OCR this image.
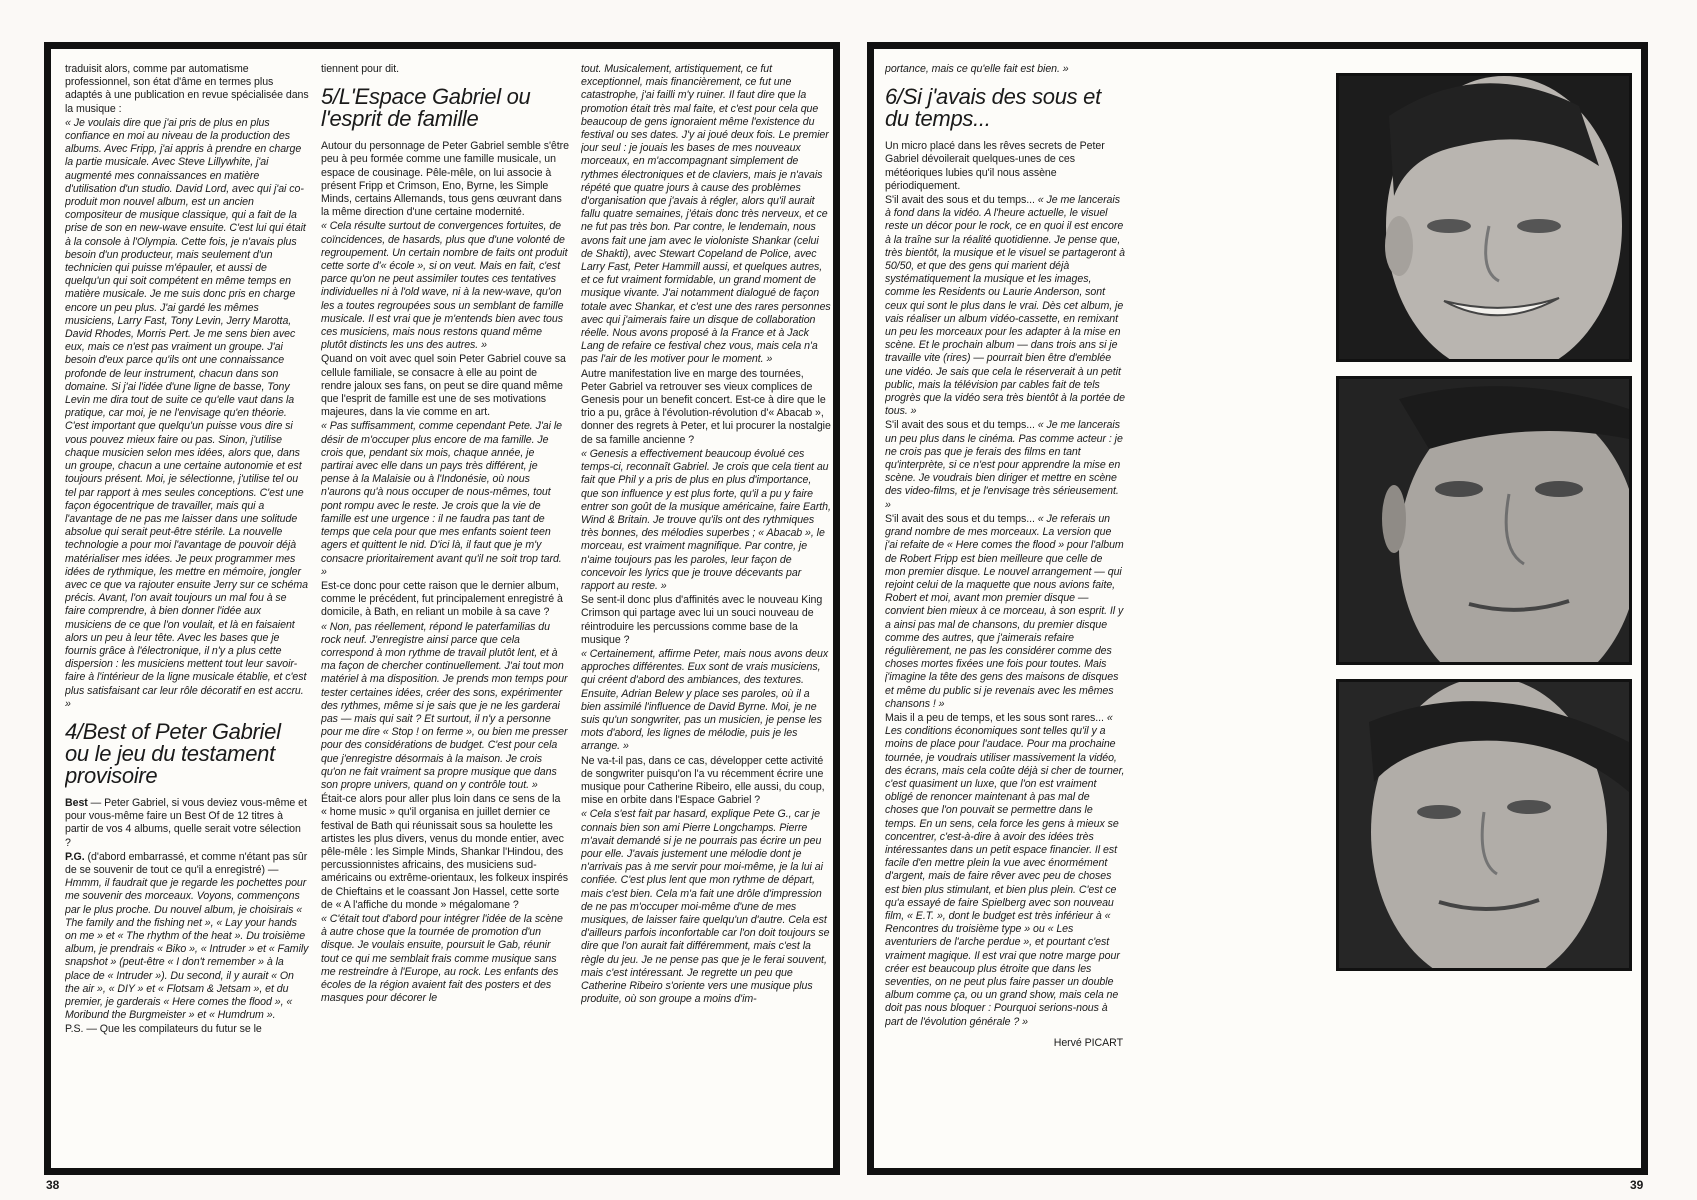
traduisit alors, comme par automatisme professionnel, son état d'âme en termes plus adaptés à une publication en revue spécialisée dans la musique :

« Je voulais dire que j'ai pris de plus en plus confiance en moi au niveau de la production des albums. Avec Fripp, j'ai appris à prendre en charge la partie musicale. Avec Steve Lillywhite, j'ai augmenté mes connaissances en matière d'utilisation d'un studio. David Lord, avec qui j'ai co-produit mon nouvel album, est un ancien compositeur de musique classique, qui a fait de la prise de son en new-wave ensuite. C'est lui qui était à la console à l'Olympia. Cette fois, je n'avais plus besoin d'un producteur, mais seulement d'un technicien qui puisse m'épauler, et aussi de quelqu'un qui soit compétent en même temps en matière musicale. Je me suis donc pris en charge encore un peu plus. J'ai gardé les mêmes musiciens, Larry Fast, Tony Levin, Jerry Marotta, David Rhodes, Morris Pert. Je me sens bien avec eux, mais ce n'est pas vraiment un groupe. J'ai besoin d'eux parce qu'ils ont une connaissance profonde de leur instrument, chacun dans son domaine. Si j'ai l'idée d'une ligne de basse, Tony Levin me dira tout de suite ce qu'elle vaut dans la pratique, car moi, je ne l'envisage qu'en théorie. C'est important que quelqu'un puisse vous dire si vous pouvez mieux faire ou pas. Sinon, j'utilise chaque musicien selon mes idées, alors que, dans un groupe, chacun a une certaine autonomie et est toujours présent. Moi, je sélectionne, j'utilise tel ou tel par rapport à mes seules conceptions. C'est une façon égocentrique de travailler, mais qui a l'avantage de ne pas me laisser dans une solitude absolue qui serait peut-être stérile. La nouvelle technologie a pour moi l'avantage de pouvoir déjà matérialiser mes idées. Je peux programmer mes idées de rythmique, les mettre en mémoire, jongler avec ce que va rajouter ensuite Jerry sur ce schéma précis. Avant, l'on avait toujours un mal fou à se faire comprendre, à bien donner l'idée aux musiciens de ce que l'on voulait, et là en faisaient alors un peu à leur tête. Avec les bases que je fournis grâce à l'électronique, il n'y a plus cette dispersion : les musiciens mettent tout leur savoir-faire à l'intérieur de la ligne musicale établie, et c'est plus satisfaisant car leur rôle décoratif en est accru. »

4/Best of Peter Gabriel ou le jeu du testament provisoire

Best — Peter Gabriel, si vous deviez vous-même et pour vous-même faire un Best Of de 12 titres à partir de vos 4 albums, quelle serait votre sélection ?

P.G. (d'abord embarrassé, et comme n'étant pas sûr de se souvenir de tout ce qu'il a enregistré) — Hmmm, il faudrait que je regarde les pochettes pour me souvenir des morceaux. Voyons, commençons par le plus proche. Du nouvel album, je choisirais « The family and the fishing net », « Lay your hands on me » et « The rhythm of the heat ». Du troisième album, je prendrais « Biko », « Intruder » et « Family snapshot » (peut-être « I don't remember » à la place de « Intruder »). Du second, il y aurait « On the air », « DIY » et « Flotsam & Jetsam », et du premier, je garderais « Here comes the flood », « Moribund the Burgmeister » et « Humdrum ».

P.S. — Que les compilateurs du futur se le

tiennent pour dit.

5/L'Espace Gabriel ou l'esprit de famille

Autour du personnage de Peter Gabriel semble s'être peu à peu formée comme une famille musicale, un espace de cousinage. Pêle-mêle, on lui associe à présent Fripp et Crimson, Eno, Byrne, les Simple Minds, certains Allemands, tous gens œuvrant dans la même direction d'une certaine modernité.

« Cela résulte surtout de convergences fortuites, de coïncidences, de hasards, plus que d'une volonté de regroupement. Un certain nombre de faits ont produit cette sorte d'« école », si on veut. Mais en fait, c'est parce qu'on ne peut assimiler toutes ces tentatives individuelles ni à l'old wave, ni à la new-wave, qu'on les a toutes regroupées sous un semblant de famille musicale. Il est vrai que je m'entends bien avec tous ces musiciens, mais nous restons quand même plutôt distincts les uns des autres. »

Quand on voit avec quel soin Peter Gabriel couve sa cellule familiale, se consacre à elle au point de rendre jaloux ses fans, on peut se dire quand même que l'esprit de famille est une de ses motivations majeures, dans la vie comme en art.

« Pas suffisamment, comme cependant Pete. J'ai le désir de m'occuper plus encore de ma famille. Je crois que, pendant six mois, chaque année, je partirai avec elle dans un pays très différent, je pense à la Malaisie ou à l'Indonésie, où nous n'aurons qu'à nous occuper de nous-mêmes, tout pont rompu avec le reste. Je crois que la vie de famille est une urgence : il ne faudra pas tant de temps que cela pour que mes enfants soient teen agers et quittent le nid. D'ici là, il faut que je m'y consacre prioritairement avant qu'il ne soit trop tard. »

Est-ce donc pour cette raison que le dernier album, comme le précédent, fut principalement enregistré à domicile, à Bath, en reliant un mobile à sa cave ?

« Non, pas réellement, répond le paterfamilias du rock neuf. J'enregistre ainsi parce que cela correspond à mon rythme de travail plutôt lent, et à ma façon de chercher continuellement. J'ai tout mon matériel à ma disposition. Je prends mon temps pour tester certaines idées, créer des sons, expérimenter des rythmes, même si je sais que je ne les garderai pas — mais qui sait ? Et surtout, il n'y a personne pour me dire « Stop ! on ferme », ou bien me presser pour des considérations de budget. C'est pour cela que j'enregistre désormais à la maison. Je crois qu'on ne fait vraiment sa propre musique que dans son propre univers, quand on y contrôle tout. »

Était-ce alors pour aller plus loin dans ce sens de la « home music » qu'il organisa en juillet dernier ce festival de Bath qui réunissait sous sa houlette les artistes les plus divers, venus du monde entier, avec pêle-mêle : les Simple Minds, Shankar l'Hindou, des percussionnistes africains, des musiciens sud-américains ou extrême-orientaux, les folkeux inspirés de Chieftains et le coassant Jon Hassel, cette sorte de « A l'affiche du monde » mégalomane ?

« C'était tout d'abord pour intégrer l'idée de la scène à autre chose que la tournée de promotion d'un disque. Je voulais ensuite, poursuit le Gab, réunir tout ce qui me semblait frais comme musique sans me restreindre à l'Europe, au rock. Les enfants des écoles de la région avaient fait des posters et des masques pour décorer le

tout. Musicalement, artistiquement, ce fut exceptionnel, mais financièrement, ce fut une catastrophe, j'ai failli m'y ruiner. Il faut dire que la promotion était très mal faite, et c'est pour cela que beaucoup de gens ignoraient même l'existence du festival ou ses dates. J'y ai joué deux fois. Le premier jour seul : je jouais les bases de mes nouveaux morceaux, en m'accompagnant simplement de rythmes électroniques et de claviers, mais je n'avais répété que quatre jours à cause des problèmes d'organisation que j'avais à régler, alors qu'il aurait fallu quatre semaines, j'étais donc très nerveux, et ce ne fut pas très bon. Par contre, le lendemain, nous avons fait une jam avec le violoniste Shankar (celui de Shakti), avec Stewart Copeland de Police, avec Larry Fast, Peter Hammill aussi, et quelques autres, et ce fut vraiment formidable, un grand moment de musique vivante. J'ai notamment dialogué de façon totale avec Shankar, et c'est une des rares personnes avec qui j'aimerais faire un disque de collaboration réelle. Nous avons proposé à la France et à Jack Lang de refaire ce festival chez vous, mais cela n'a pas l'air de les motiver pour le moment. »

Autre manifestation live en marge des tournées, Peter Gabriel va retrouver ses vieux complices de Genesis pour un benefit concert. Est-ce à dire que le trio a pu, grâce à l'évolution-révolution d'« Abacab », donner des regrets à Peter, et lui procurer la nostalgie de sa famille ancienne ?

« Genesis a effectivement beaucoup évolué ces temps-ci, reconnaît Gabriel. Je crois que cela tient au fait que Phil y a pris de plus en plus d'importance, que son influence y est plus forte, qu'il a pu y faire entrer son goût de la musique américaine, faire Earth, Wind & Britain. Je trouve qu'ils ont des rythmiques très bonnes, des mélodies superbes ; « Abacab », le morceau, est vraiment magnifique. Par contre, je n'aime toujours pas les paroles, leur façon de concevoir les lyrics que je trouve décevants par rapport au reste. »

Se sent-il donc plus d'affinités avec le nouveau King Crimson qui partage avec lui un souci nouveau de réintroduire les percussions comme base de la musique ?

« Certainement, affirme Peter, mais nous avons deux approches différentes. Eux sont de vrais musiciens, qui créent d'abord des ambiances, des textures. Ensuite, Adrian Belew y place ses paroles, où il a bien assimilé l'influence de David Byrne. Moi, je ne suis qu'un songwriter, pas un musicien, je pense les mots d'abord, les lignes de mélodie, puis je les arrange. »

Ne va-t-il pas, dans ce cas, développer cette activité de songwriter puisqu'on l'a vu récemment écrire une musique pour Catherine Ribeiro, elle aussi, du coup, mise en orbite dans l'Espace Gabriel ?

« Cela s'est fait par hasard, explique Pete G., car je connais bien son ami Pierre Longchamps. Pierre m'avait demandé si je ne pourrais pas écrire un peu pour elle. J'avais justement une mélodie dont je n'arrivais pas à me servir pour moi-même, je la lui ai confiée. C'est plus lent que mon rythme de départ, mais c'est bien. Cela m'a fait une drôle d'impression de ne pas m'occuper moi-même d'une de mes musiques, de laisser faire quelqu'un d'autre. Cela est d'ailleurs parfois inconfortable car l'on doit toujours se dire que l'on aurait fait différemment, mais c'est la règle du jeu. Je ne pense pas que je le ferai souvent, mais c'est intéressant. Je regrette un peu que Catherine Ribeiro s'oriente vers une musique plus produite, où son groupe a moins d'im-

portance, mais ce qu'elle fait est bien. »

6/Si j'avais des sous et du temps...

Un micro placé dans les rêves secrets de Peter Gabriel dévoilerait quelques-unes de ces météoriques lubies qu'il nous assène périodiquement.

S'il avait des sous et du temps... « Je me lancerais à fond dans la vidéo. A l'heure actuelle, le visuel reste un décor pour le rock, ce en quoi il est encore à la traîne sur la réalité quotidienne. Je pense que, très bientôt, la musique et le visuel se partageront à 50/50, et que des gens qui marient déjà systématiquement la musique et les images, comme les Residents ou Laurie Anderson, sont ceux qui sont le plus dans le vrai. Dès cet album, je vais réaliser un album vidéo-cassette, en remixant un peu les morceaux pour les adapter à la mise en scène. Et le prochain album — dans trois ans si je travaille vite (rires) — pourrait bien être d'emblée une vidéo. Je sais que cela le réserverait à un petit public, mais la télévision par cables fait de tels progrès que la vidéo sera très bientôt à la portée de tous. »

S'il avait des sous et du temps... « Je me lancerais un peu plus dans le cinéma. Pas comme acteur : je ne crois pas que je ferais des films en tant qu'interprète, si ce n'est pour apprendre la mise en scène. Je voudrais bien diriger et mettre en scène des video-films, et je l'envisage très sérieusement. »

S'il avait des sous et du temps... « Je referais un grand nombre de mes morceaux. La version que j'ai refaite de « Here comes the flood » pour l'album de Robert Fripp est bien meilleure que celle de mon premier disque. Le nouvel arrangement — qui rejoint celui de la maquette que nous avions faite, Robert et moi, avant mon premier disque — convient bien mieux à ce morceau, à son esprit. Il y a ainsi pas mal de chansons, du premier disque comme des autres, que j'aimerais refaire régulièrement, ne pas les considérer comme des choses mortes fixées une fois pour toutes. Mais j'imagine la tête des gens des maisons de disques et même du public si je revenais avec les mêmes chansons ! »

Mais il a peu de temps, et les sous sont rares... « Les conditions économiques sont telles qu'il y a moins de place pour l'audace. Pour ma prochaine tournée, je voudrais utiliser massivement la vidéo, des écrans, mais cela coûte déjà si cher de tourner, c'est quasiment un luxe, que l'on est vraiment obligé de renoncer maintenant à pas mal de choses que l'on pouvait se permettre dans le temps. En un sens, cela force les gens à mieux se concentrer, c'est-à-dire à avoir des idées très intéressantes dans un petit espace financier. Il est facile d'en mettre plein la vue avec énormément d'argent, mais de faire rêver avec peu de choses est bien plus stimulant, et bien plus plein. C'est ce qu'a essayé de faire Spielberg avec son nouveau film, « E.T. », dont le budget est très inférieur à « Rencontres du troisième type » ou « Les aventuriers de l'arche perdue », et pourtant c'est vraiment magique. Il est vrai que notre marge pour créer est beaucoup plus étroite que dans les seventies, on ne peut plus faire passer un double album comme ça, ou un grand show, mais cela ne doit pas nous bloquer : Pourquoi serions-nous à part de l'évolution générale ? »

Hervé PICART
38	39
